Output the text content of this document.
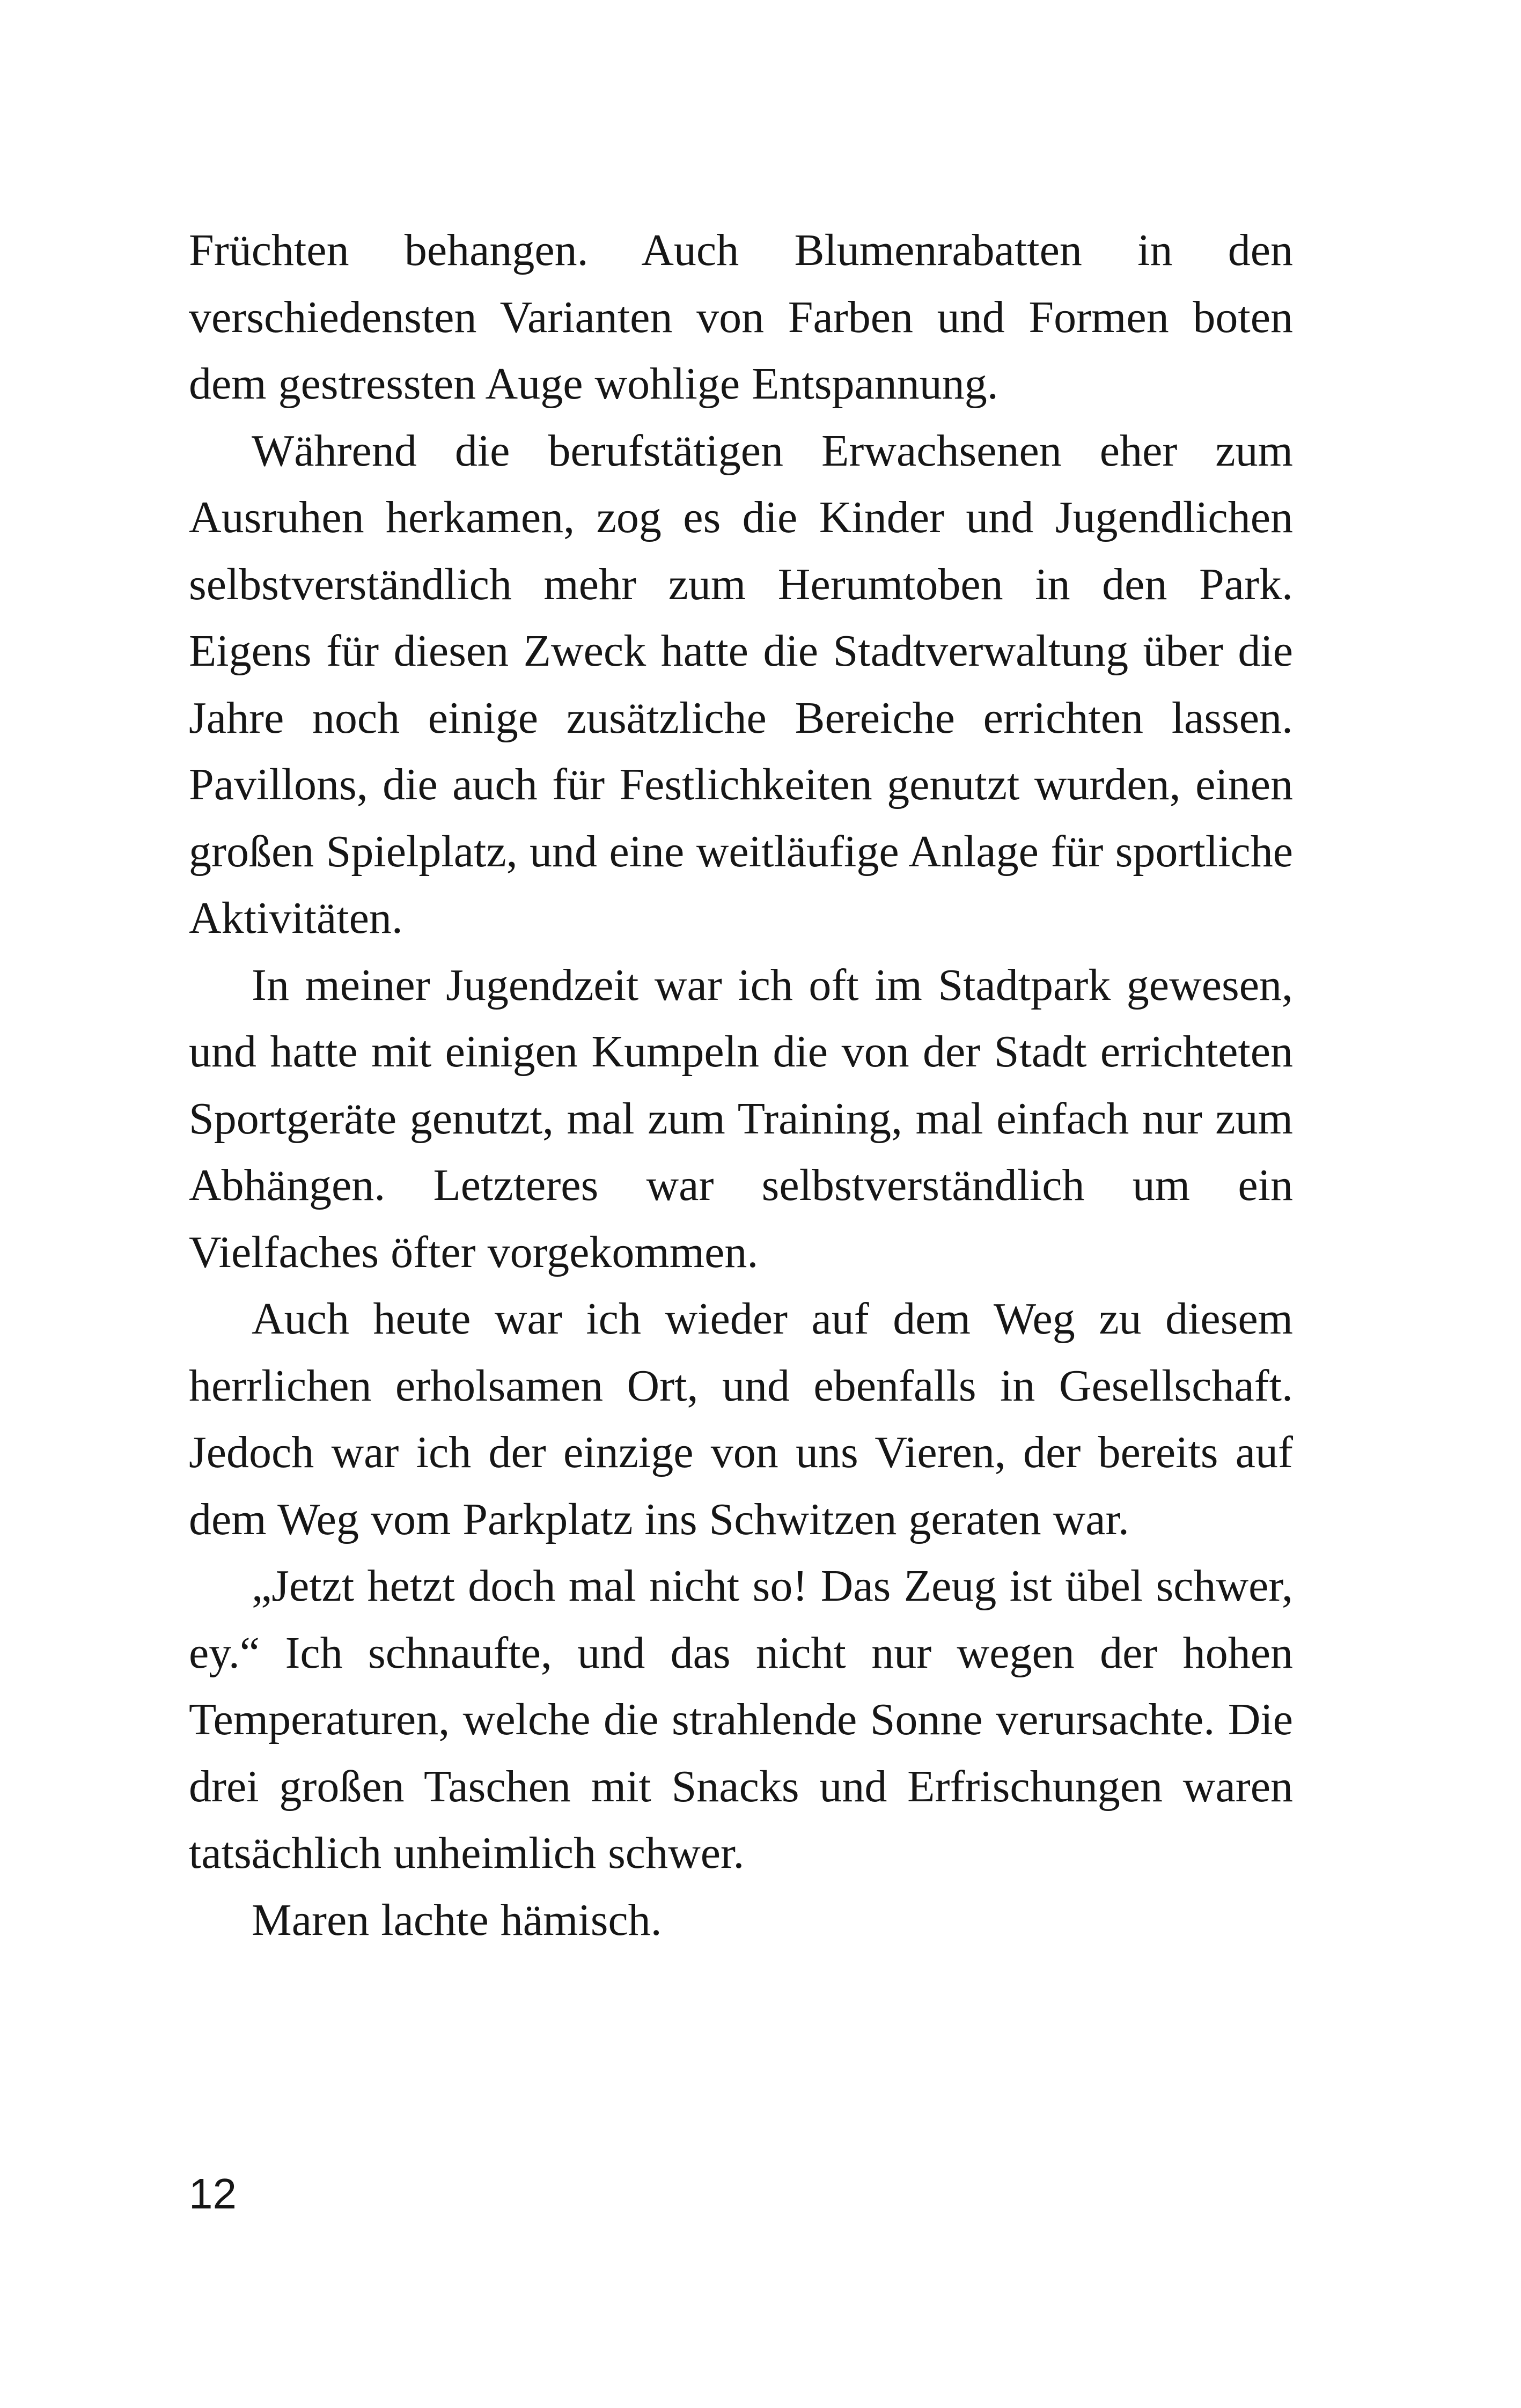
Früchten behangen. Auch Blumenrabatten in den verschiedensten Varianten von Farben und Formen boten dem gestressten Auge wohlige Entspannung.

Während die berufstätigen Erwachsenen eher zum Ausruhen herkamen, zog es die Kinder und Jugendlichen selbstverständlich mehr zum Herumtoben in den Park. Eigens für diesen Zweck hatte die Stadtverwaltung über die Jahre noch einige zusätzliche Bereiche errichten lassen. Pavillons, die auch für Festlichkeiten genutzt wurden, einen großen Spielplatz, und eine weitläufige Anlage für sportliche Aktivitäten.

In meiner Jugendzeit war ich oft im Stadtpark gewesen, und hatte mit einigen Kumpeln die von der Stadt errichteten Sportgeräte genutzt, mal zum Training, mal einfach nur zum Abhängen. Letzteres war selbstverständlich um ein Vielfaches öfter vorgekommen.

Auch heute war ich wieder auf dem Weg zu diesem herrlichen erholsamen Ort, und ebenfalls in Gesellschaft. Jedoch war ich der einzige von uns Vieren, der bereits auf dem Weg vom Parkplatz ins Schwitzen geraten war.

„Jetzt hetzt doch mal nicht so! Das Zeug ist übel schwer, ey.“ Ich schnaufte, und das nicht nur wegen der hohen Temperaturen, welche die strahlende Sonne verursachte. Die drei großen Taschen mit Snacks und Erfrischungen waren tatsächlich unheimlich schwer.

Maren lachte hämisch.

12
